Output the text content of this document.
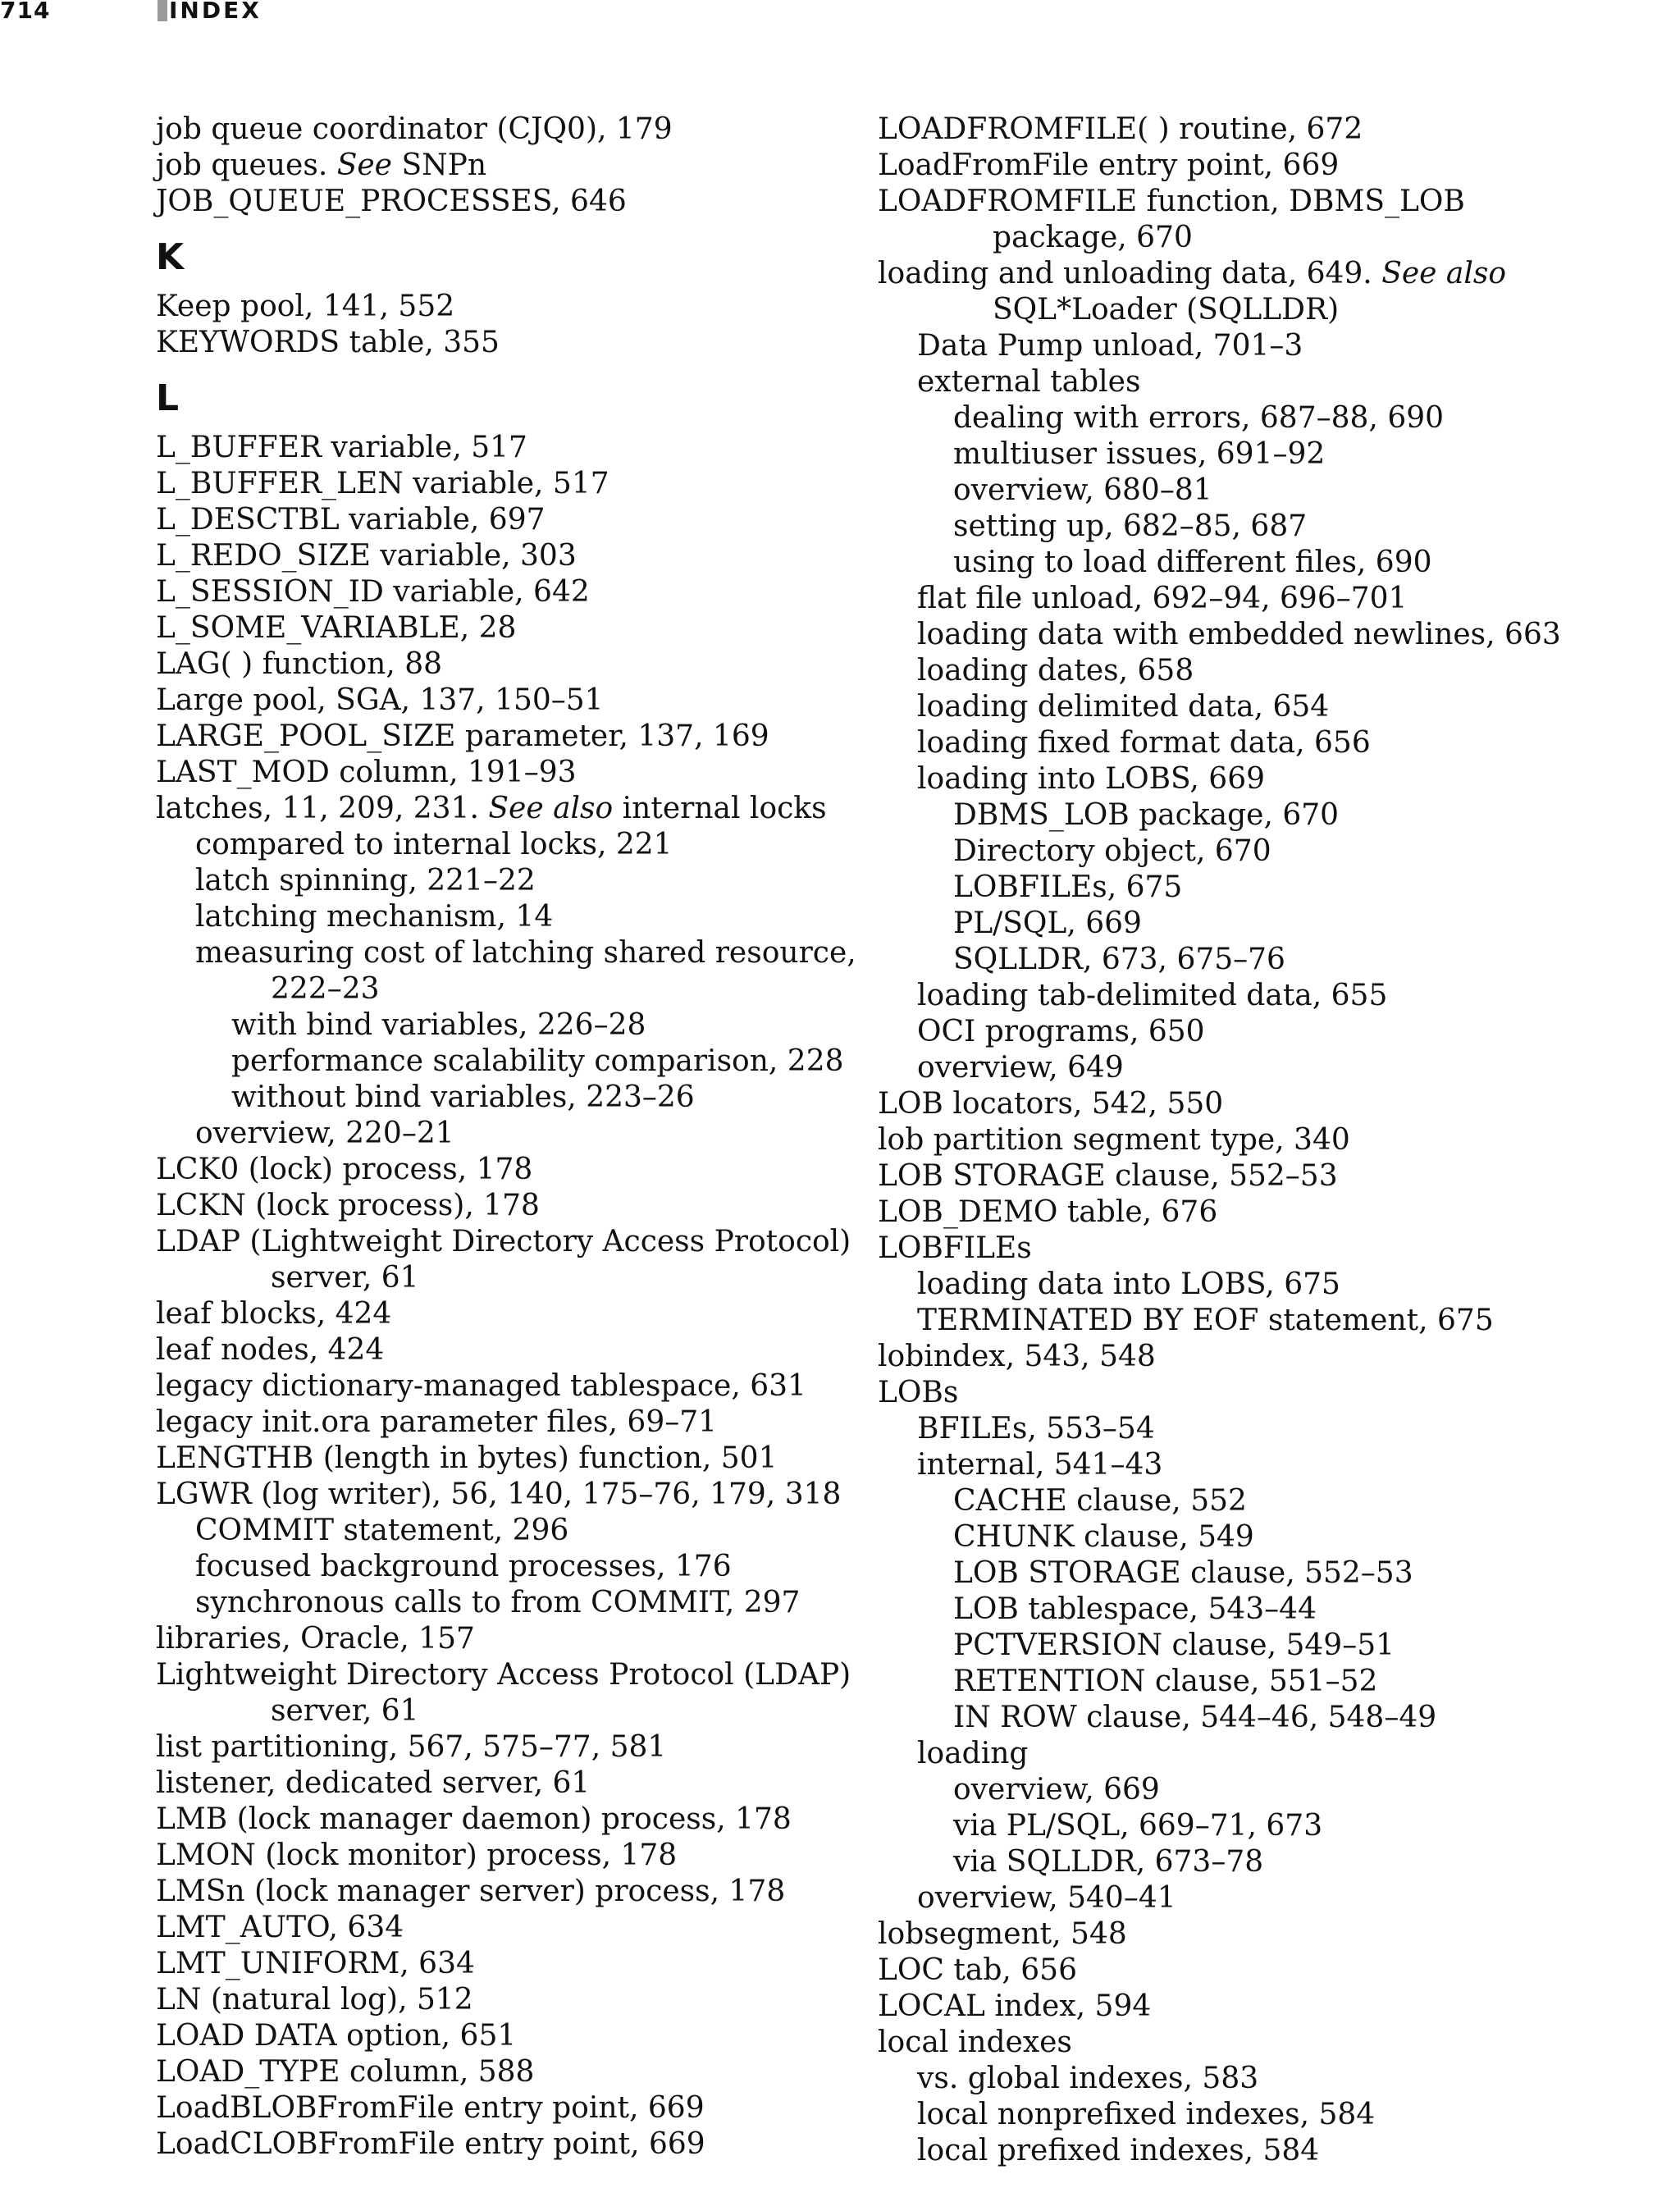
714	INDEX
job queue coordinator (CJQ0), 179
job queues. See SNPn
JOB_QUEUE_PROCESSES, 646
K
Keep pool, 141, 552
KEYWORDS table, 355
L
L_BUFFER variable, 517
L_BUFFER_LEN variable, 517
L_DESCTBL variable, 697
L_REDO_SIZE variable, 303
L_SESSION_ID variable, 642
L_SOME_VARIABLE, 28
LAG( ) function, 88
Large pool, SGA, 137, 150–51
LARGE_POOL_SIZE parameter, 137, 169
LAST_MOD column, 191–93
latches, 11, 209, 231. See also internal locks
compared to internal locks, 221
latch spinning, 221–22
latching mechanism, 14
measuring cost of latching shared resource,
222–23
with bind variables, 226–28
performance scalability comparison, 228
without bind variables, 223–26
overview, 220–21
LCK0 (lock) process, 178
LCKN (lock process), 178
LDAP (Lightweight Directory Access Protocol)
server, 61
leaf blocks, 424
leaf nodes, 424
legacy dictionary-managed tablespace, 631
legacy init.ora parameter files, 69–71
LENGTHB (length in bytes) function, 501
LGWR (log writer), 56, 140, 175–76, 179, 318
COMMIT statement, 296
focused background processes, 176
synchronous calls to from COMMIT, 297
libraries, Oracle, 157
Lightweight Directory Access Protocol (LDAP)
server, 61
list partitioning, 567, 575–77, 581
listener, dedicated server, 61
LMB (lock manager daemon) process, 178
LMON (lock monitor) process, 178
LMSn (lock manager server) process, 178
LMT_AUTO, 634
LMT_UNIFORM, 634
LN (natural log), 512
LOAD DATA option, 651
LOAD_TYPE column, 588
LoadBLOBFromFile entry point, 669
LoadCLOBFromFile entry point, 669
LOADFROMFILE( ) routine, 672
LoadFromFile entry point, 669
LOADFROMFILE function, DBMS_LOB
package, 670
loading and unloading data, 649. See also
SQL*Loader (SQLLDR)
Data Pump unload, 701–3
external tables
dealing with errors, 687–88, 690
multiuser issues, 691–92
overview, 680–81
setting up, 682–85, 687
using to load different files, 690
flat file unload, 692–94, 696–701
loading data with embedded newlines, 663
loading dates, 658
loading delimited data, 654
loading fixed format data, 656
loading into LOBS, 669
DBMS_LOB package, 670
Directory object, 670
LOBFILEs, 675
PL/SQL, 669
SQLLDR, 673, 675–76
loading tab-delimited data, 655
OCI programs, 650
overview, 649
LOB locators, 542, 550
lob partition segment type, 340
LOB STORAGE clause, 552–53
LOB_DEMO table, 676
LOBFILEs
loading data into LOBS, 675
TERMINATED BY EOF statement, 675
lobindex, 543, 548
LOBs
BFILEs, 553–54
internal, 541–43
CACHE clause, 552
CHUNK clause, 549
LOB STORAGE clause, 552–53
LOB tablespace, 543–44
PCTVERSION clause, 549–51
RETENTION clause, 551–52
IN ROW clause, 544–46, 548–49
loading
overview, 669
via PL/SQL, 669–71, 673
via SQLLDR, 673–78
overview, 540–41
lobsegment, 548
LOC tab, 656
LOCAL index, 594
local indexes
vs. global indexes, 583
local nonprefixed indexes, 584
local prefixed indexes, 584
